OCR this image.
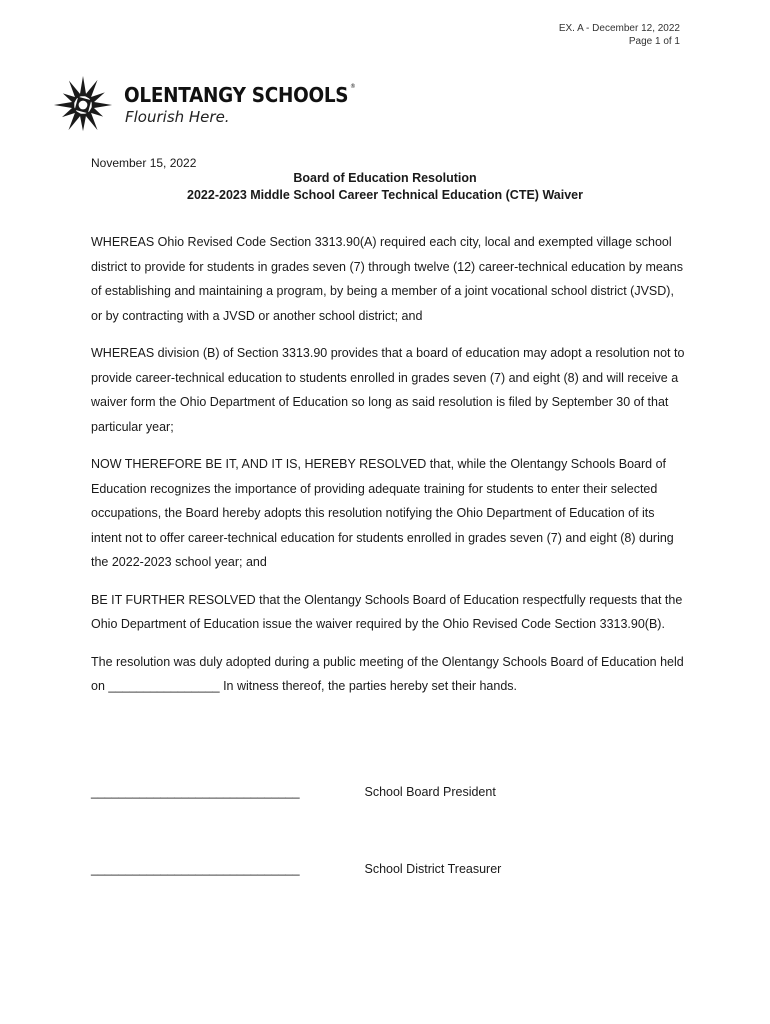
EX. A - December 12, 2022
Page 1 of 1
OLENTANGY SCHOOLS ®
Flourish Here.
November 15, 2022
Board of Education Resolution
2022-2023 Middle School Career Technical Education (CTE) Waiver

WHEREAS Ohio Revised Code Section 3313.90(A) required each city, local and exempted village school district to provide for students in grades seven (7) through twelve (12) career-technical education by means of establishing and maintaining a program, by being a member of a joint vocational school district (JVSD), or by contracting with a JVSD or another school district; and

WHEREAS division (B) of Section 3313.90 provides that a board of education may adopt a resolution not to provide career-technical education to students enrolled in grades seven (7) and eight (8) and will receive a waiver form the Ohio Department of Education so long as said resolution is filed by September 30 of that particular year;

NOW THEREFORE BE IT, AND IT IS, HEREBY RESOLVED that, while the Olentangy Schools Board of Education recognizes the importance of providing adequate training for students to enter their selected occupations, the Board hereby adopts this resolution notifying the Ohio Department of Education of its intent not to offer career-technical education for students enrolled in grades seven (7) and eight (8) during the 2022-2023 school year; and

BE IT FURTHER RESOLVED that the Olentangy Schools Board of Education respectfully requests that the Ohio Department of Education issue the waiver required by the Ohio Revised Code Section 3313.90(B).

The resolution was duly adopted during a public meeting of the Olentangy Schools Board of Education held on ________________ In witness thereof, the parties hereby set their hands.

______________________________	School Board President
______________________________	School District Treasurer
